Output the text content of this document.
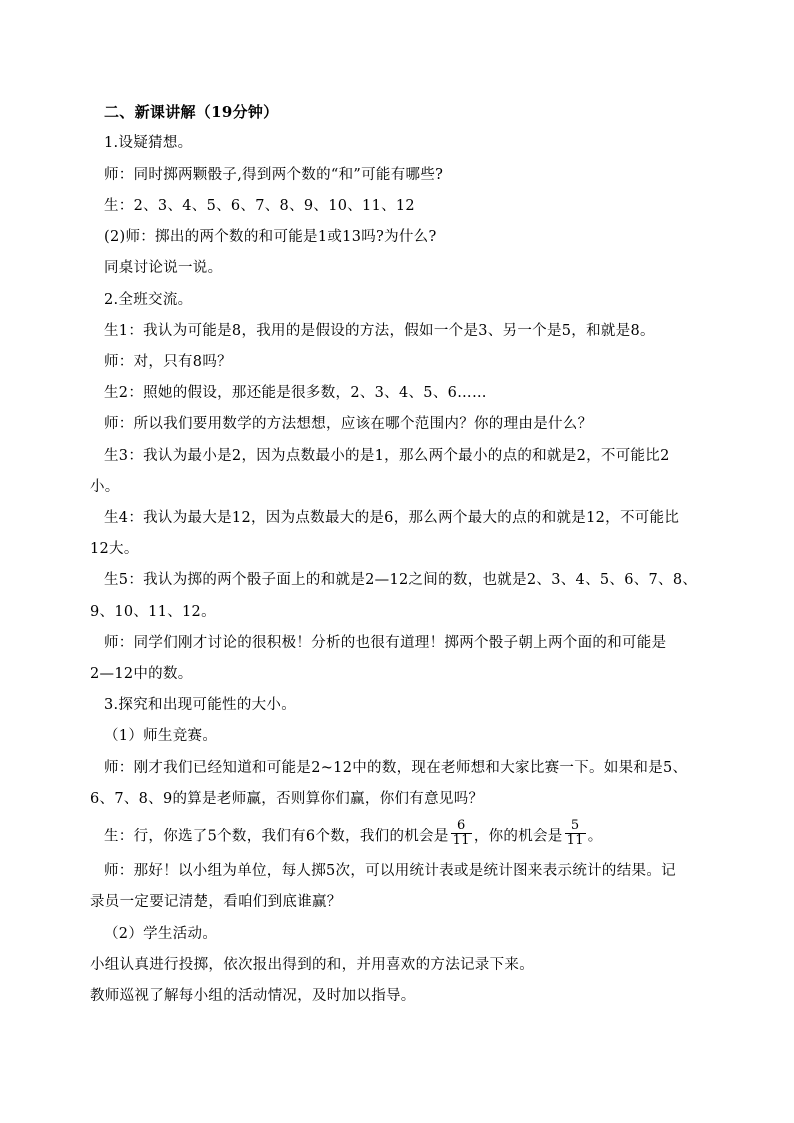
二、新课讲解（19分钟）
1.设疑猜想。
师：同时掷两颗骰子,得到两个数的“和”可能有哪些?
生：2、3、4、5、6、7、8、9、10、11、12
(2)师：掷出的两个数的和可能是1或13吗?为什么?
同桌讨论说一说。
2.全班交流。
生1：我认为可能是8，我用的是假设的方法，假如一个是3、另一个是5，和就是8。
师：对，只有8吗？
生2：照她的假设，那还能是很多数，2、3、4、5、6……
师：所以我们要用数学的方法想想，应该在哪个范围内？你的理由是什么？
生3：我认为最小是2，因为点数最小的是1，那么两个最小的点的和就是2，不可能比2
小。
生4：我认为最大是12，因为点数最大的是6，那么两个最大的点的和就是12，不可能比
12大。
生5：我认为掷的两个骰子面上的和就是2—12之间的数，也就是2、3、4、5、6、7、8、
9、10、11、12。
师：同学们刚才讨论的很积极！分析的也很有道理！掷两个骰子朝上两个面的和可能是
2—12中的数。
3.探究和出现可能性的大小。
（1）师生竞赛。
师：刚才我们已经知道和可能是2~12中的数，现在老师想和大家比赛一下。如果和是5、
6、7、8、9的算是老师赢，否则算你们赢，你们有意见吗？
生：行，你选了5个数，我们有6个数，我们的机会是 $\frac{6}{11}$ ，你的机会是 $\frac{5}{11}$ 。
师：那好！以小组为单位，每人掷5次，可以用统计表或是统计图来表示统计的结果。记
录员一定要记清楚，看咱们到底谁赢？
（2）学生活动。
小组认真进行投掷，依次报出得到的和，并用喜欢的方法记录下来。
教师巡视了解每小组的活动情况，及时加以指导。
